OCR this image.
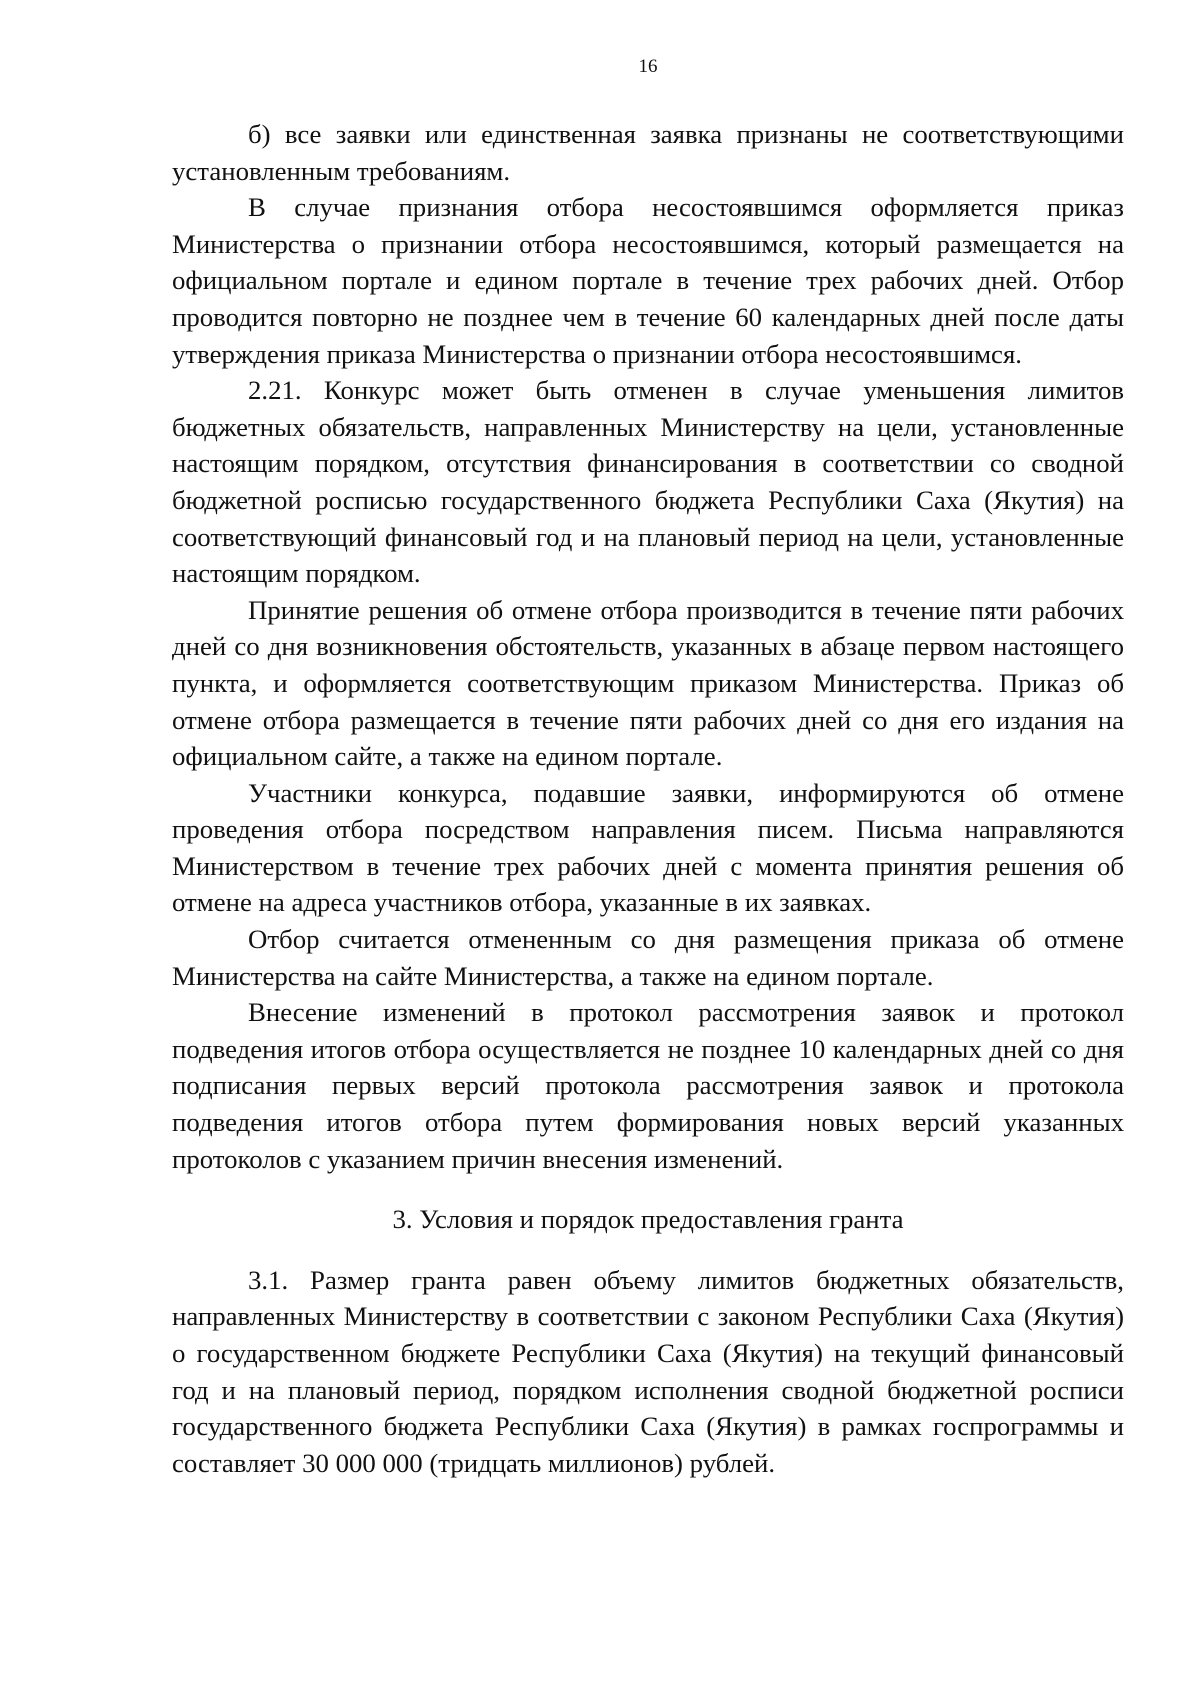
16

б) все заявки или единственная заявка признаны не соответствующими установленным требованиям.

В случае признания отбора несостоявшимся оформляется приказ Министерства о признании отбора несостоявшимся, который размещается на официальном портале и едином портале в течение трех рабочих дней. Отбор проводится повторно не позднее чем в течение 60 календарных дней после даты утверждения приказа Министерства о признании отбора несостоявшимся.

2.21. Конкурс может быть отменен в случае уменьшения лимитов бюджетных обязательств, направленных Министерству на цели, установленные настоящим порядком, отсутствия финансирования в соответствии со сводной бюджетной росписью государственного бюджета Республики Саха (Якутия) на соответствующий финансовый год и на плановый период на цели, установленные настоящим порядком.

Принятие решения об отмене отбора производится в течение пяти рабочих дней со дня возникновения обстоятельств, указанных в абзаце первом настоящего пункта, и оформляется соответствующим приказом Министерства. Приказ об отмене отбора размещается в течение пяти рабочих дней со дня его издания на официальном сайте, а также на едином портале.

Участники конкурса, подавшие заявки, информируются об отмене проведения отбора посредством направления писем. Письма направляются Министерством в течение трех рабочих дней с момента принятия решения об отмене на адреса участников отбора, указанные в их заявках.

Отбор считается отмененным со дня размещения приказа об отмене Министерства на сайте Министерства, а также на едином портале.

Внесение изменений в протокол рассмотрения заявок и протокол подведения итогов отбора осуществляется не позднее 10 календарных дней со дня подписания первых версий протокола рассмотрения заявок и протокола подведения итогов отбора путем формирования новых версий указанных протоколов с указанием причин внесения изменений.

3. Условия и порядок предоставления гранта

3.1. Размер гранта равен объему лимитов бюджетных обязательств, направленных Министерству в соответствии с законом Республики Саха (Якутия) о государственном бюджете Республики Саха (Якутия) на текущий финансовый год и на плановый период, порядком исполнения сводной бюджетной росписи государственного бюджета Республики Саха (Якутия) в рамках госпрограммы и составляет 30 000 000 (тридцать миллионов) рублей.
